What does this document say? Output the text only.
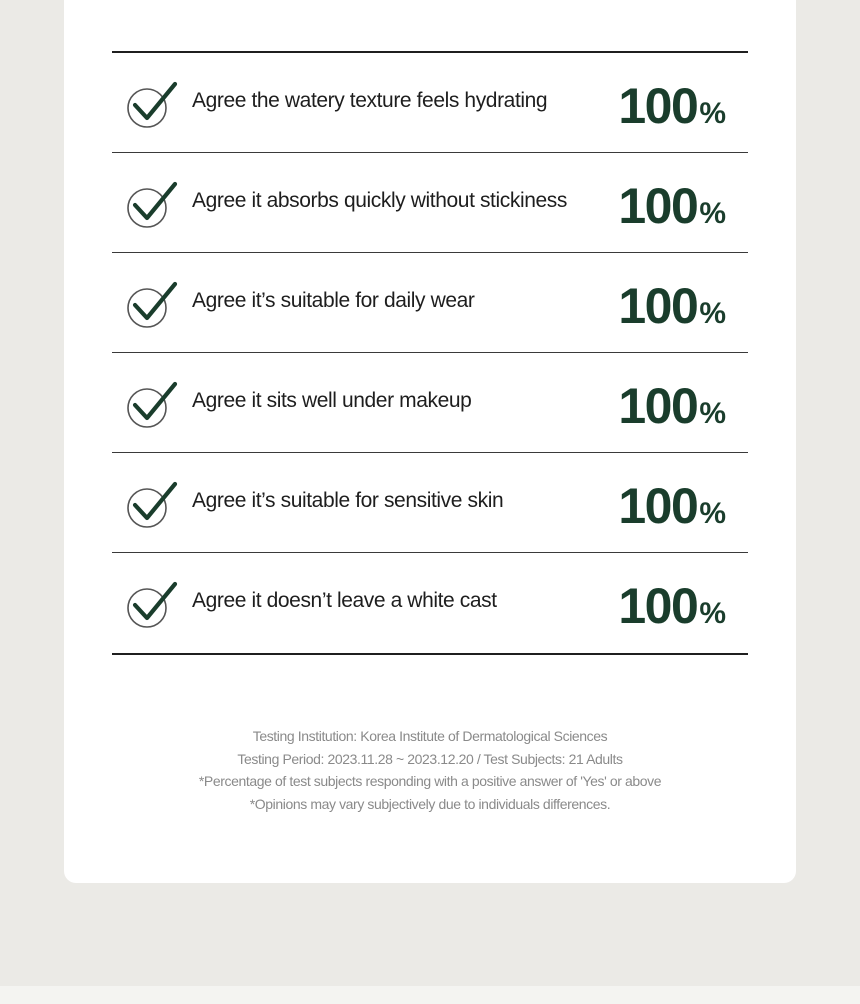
Agree the watery texture feels hydrating 100%
Agree it absorbs quickly without stickiness 100%
Agree it’s suitable for daily wear	100%
Agree it sits well under makeup	100%
Agree it’s suitable for sensitive skin 100%
Agree it doesn’t leave a white cast 100%
Testing Institution: Korea Institute of Dermatological Sciences
Testing Period: 2023.11.28 ~ 2023.12.20 / Test Subjects: 21 Adults
*Percentage of test subjects responding with a positive answer of 'Yes' or above
*Opinions may vary subjectively due to individuals differences.
